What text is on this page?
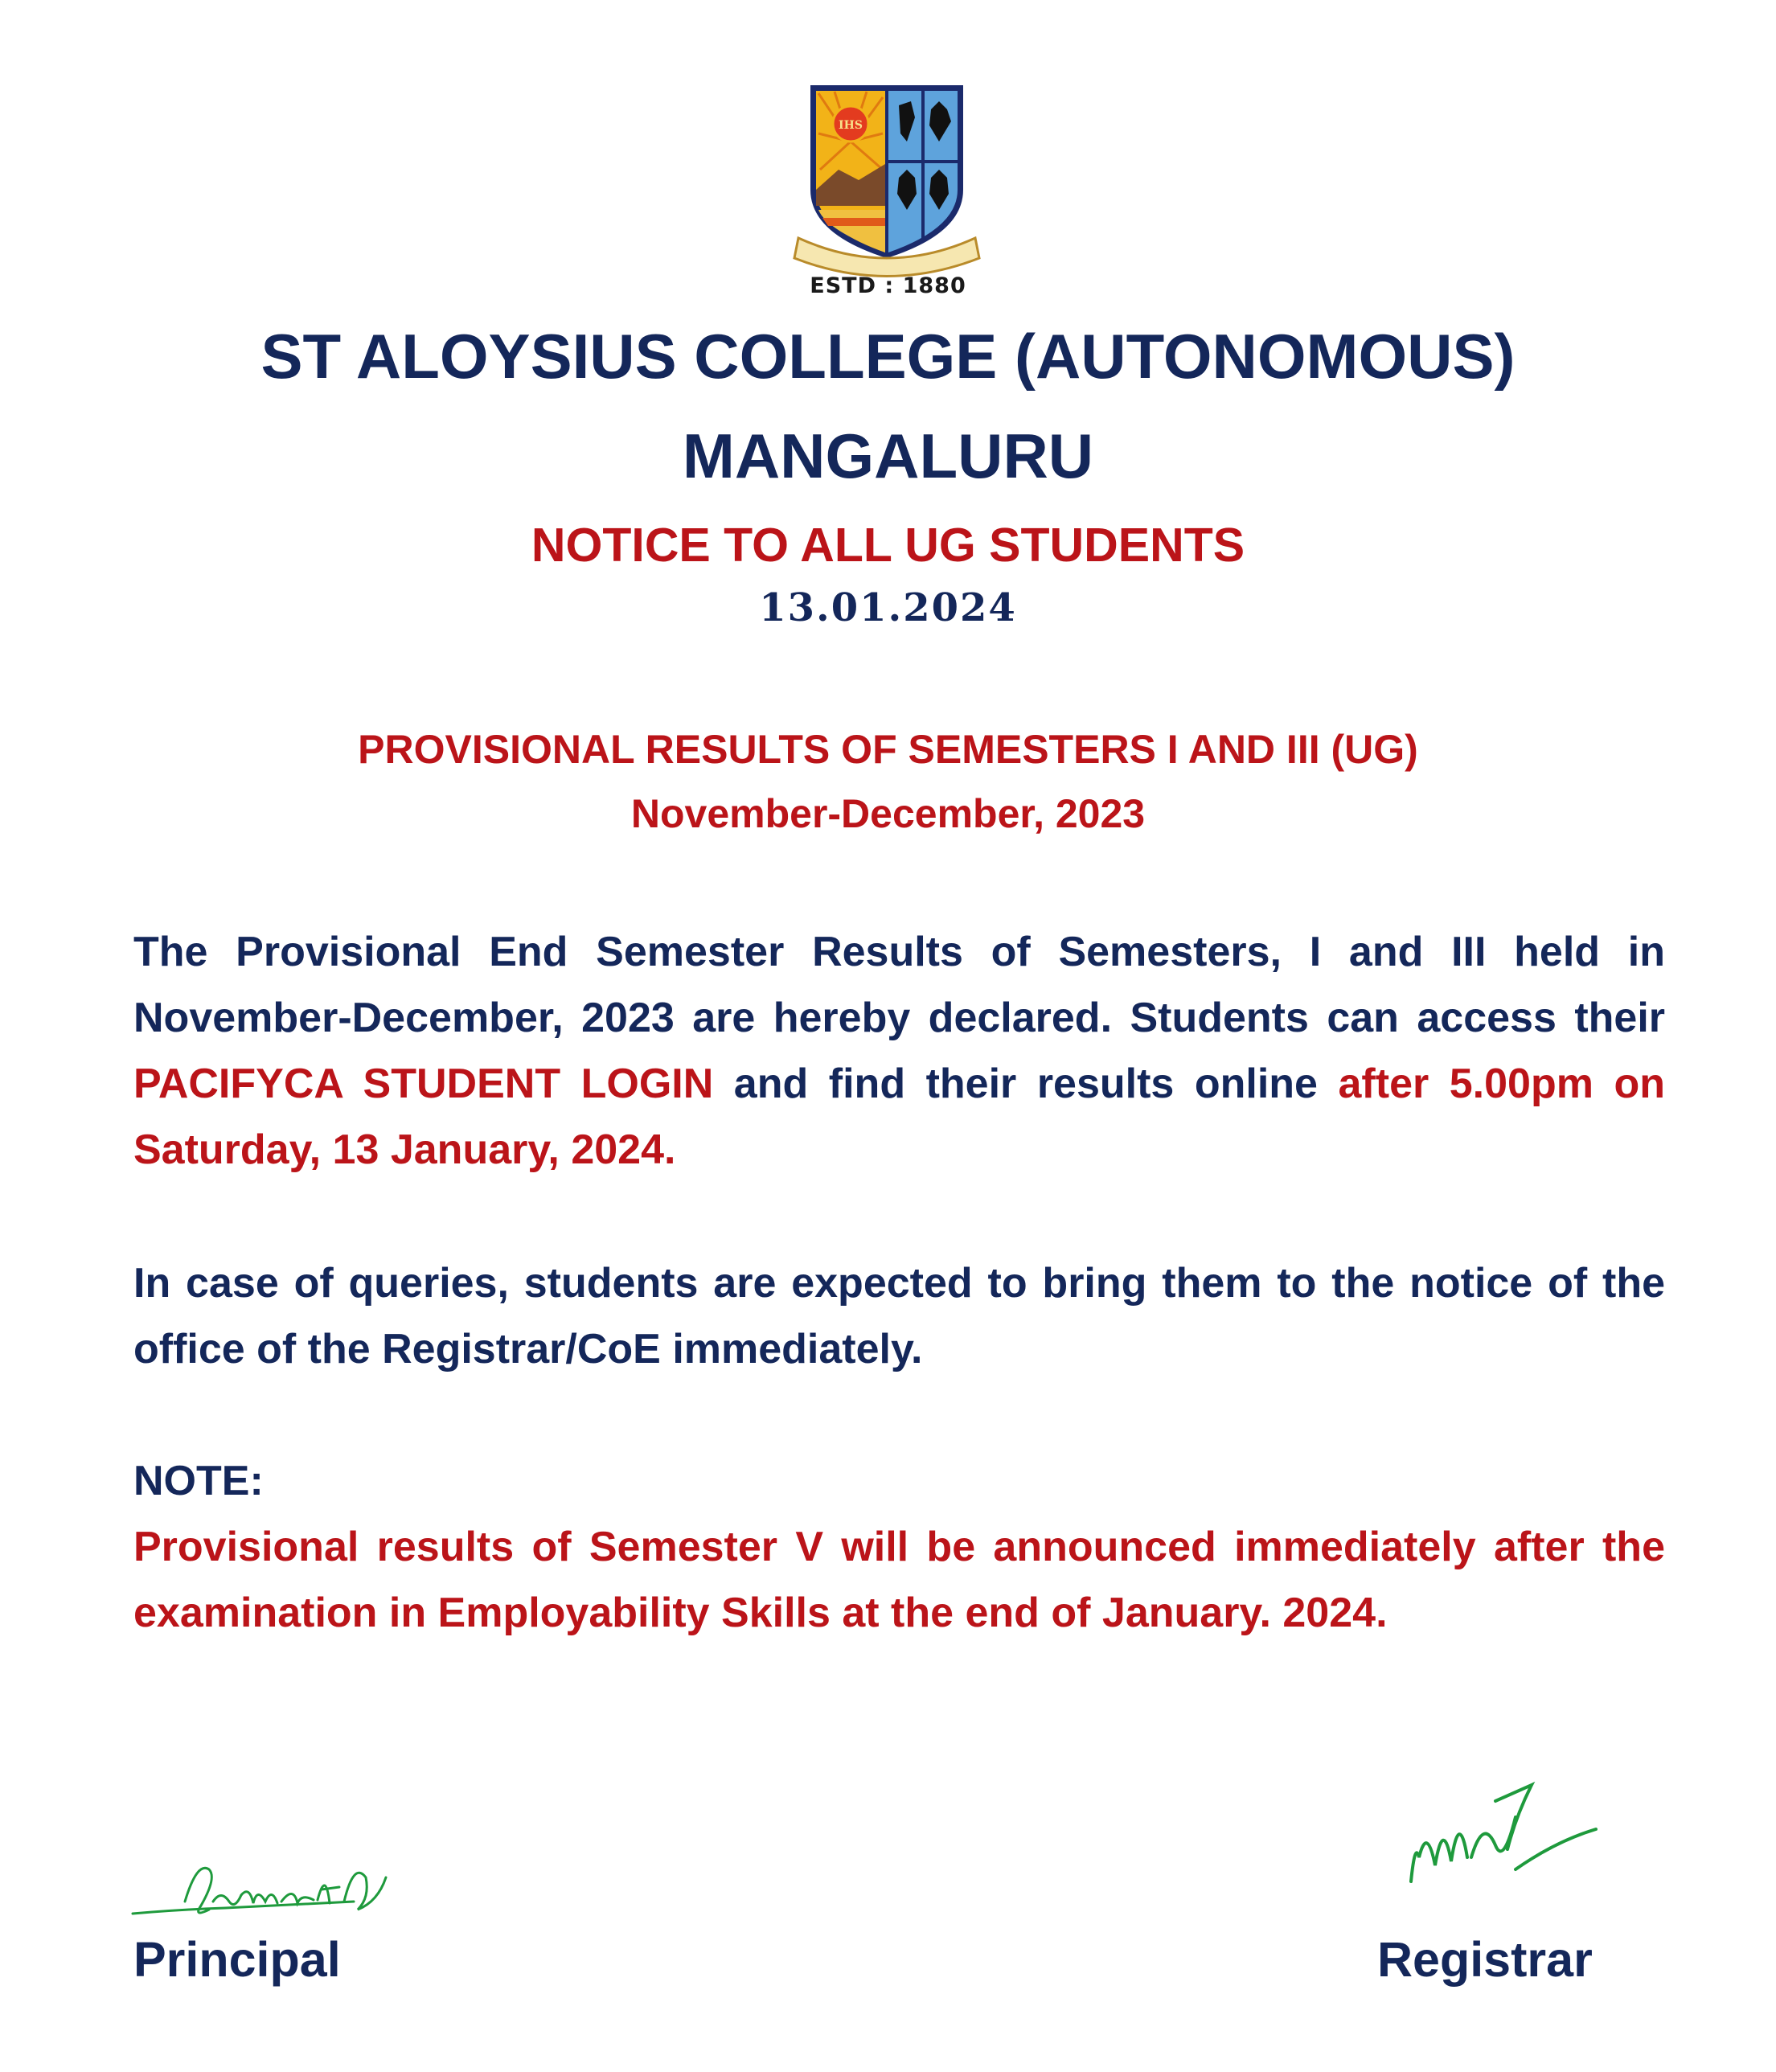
IHS
ESTD : 1880
ST ALOYSIUS COLLEGE (AUTONOMOUS)
MANGALURU
NOTICE TO ALL UG STUDENTS
13.01.2024
PROVISIONAL RESULTS OF SEMESTERS I AND III (UG)
November-December, 2023
The Provisional End Semester Results of Semesters, I and III held in November-December, 2023 are hereby declared. Students can access their PACIFYCA STUDENT LOGIN and find their results online after 5.00pm on Saturday, 13 January, 2024.
In case of queries, students are expected to bring them to the notice of the office of the Registrar/CoE immediately.
NOTE:
Provisional results of Semester V will be announced immediately after the examination in Employability Skills at the end of January. 2024.
Principal	Registrar
